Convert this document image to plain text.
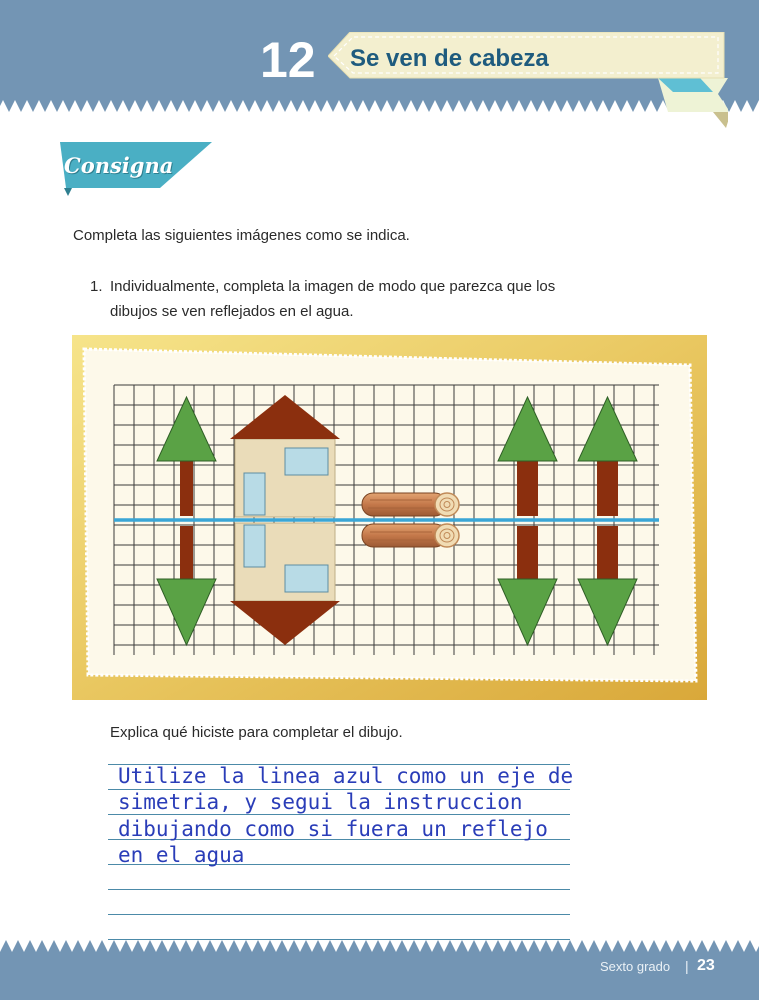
12 Se ven de cabeza
Consigna
Completa las siguientes imágenes como se indica.
1. Individualmente, completa la imagen de modo que parezca que los dibujos se ven reflejados en el agua.
Explica qué hiciste para completar el dibujo.
Utilize la linea azul como un eje de
simetria, y segui la instruccion
dibujando como si fuera un reflejo
en el agua
Sexto grado | 23
